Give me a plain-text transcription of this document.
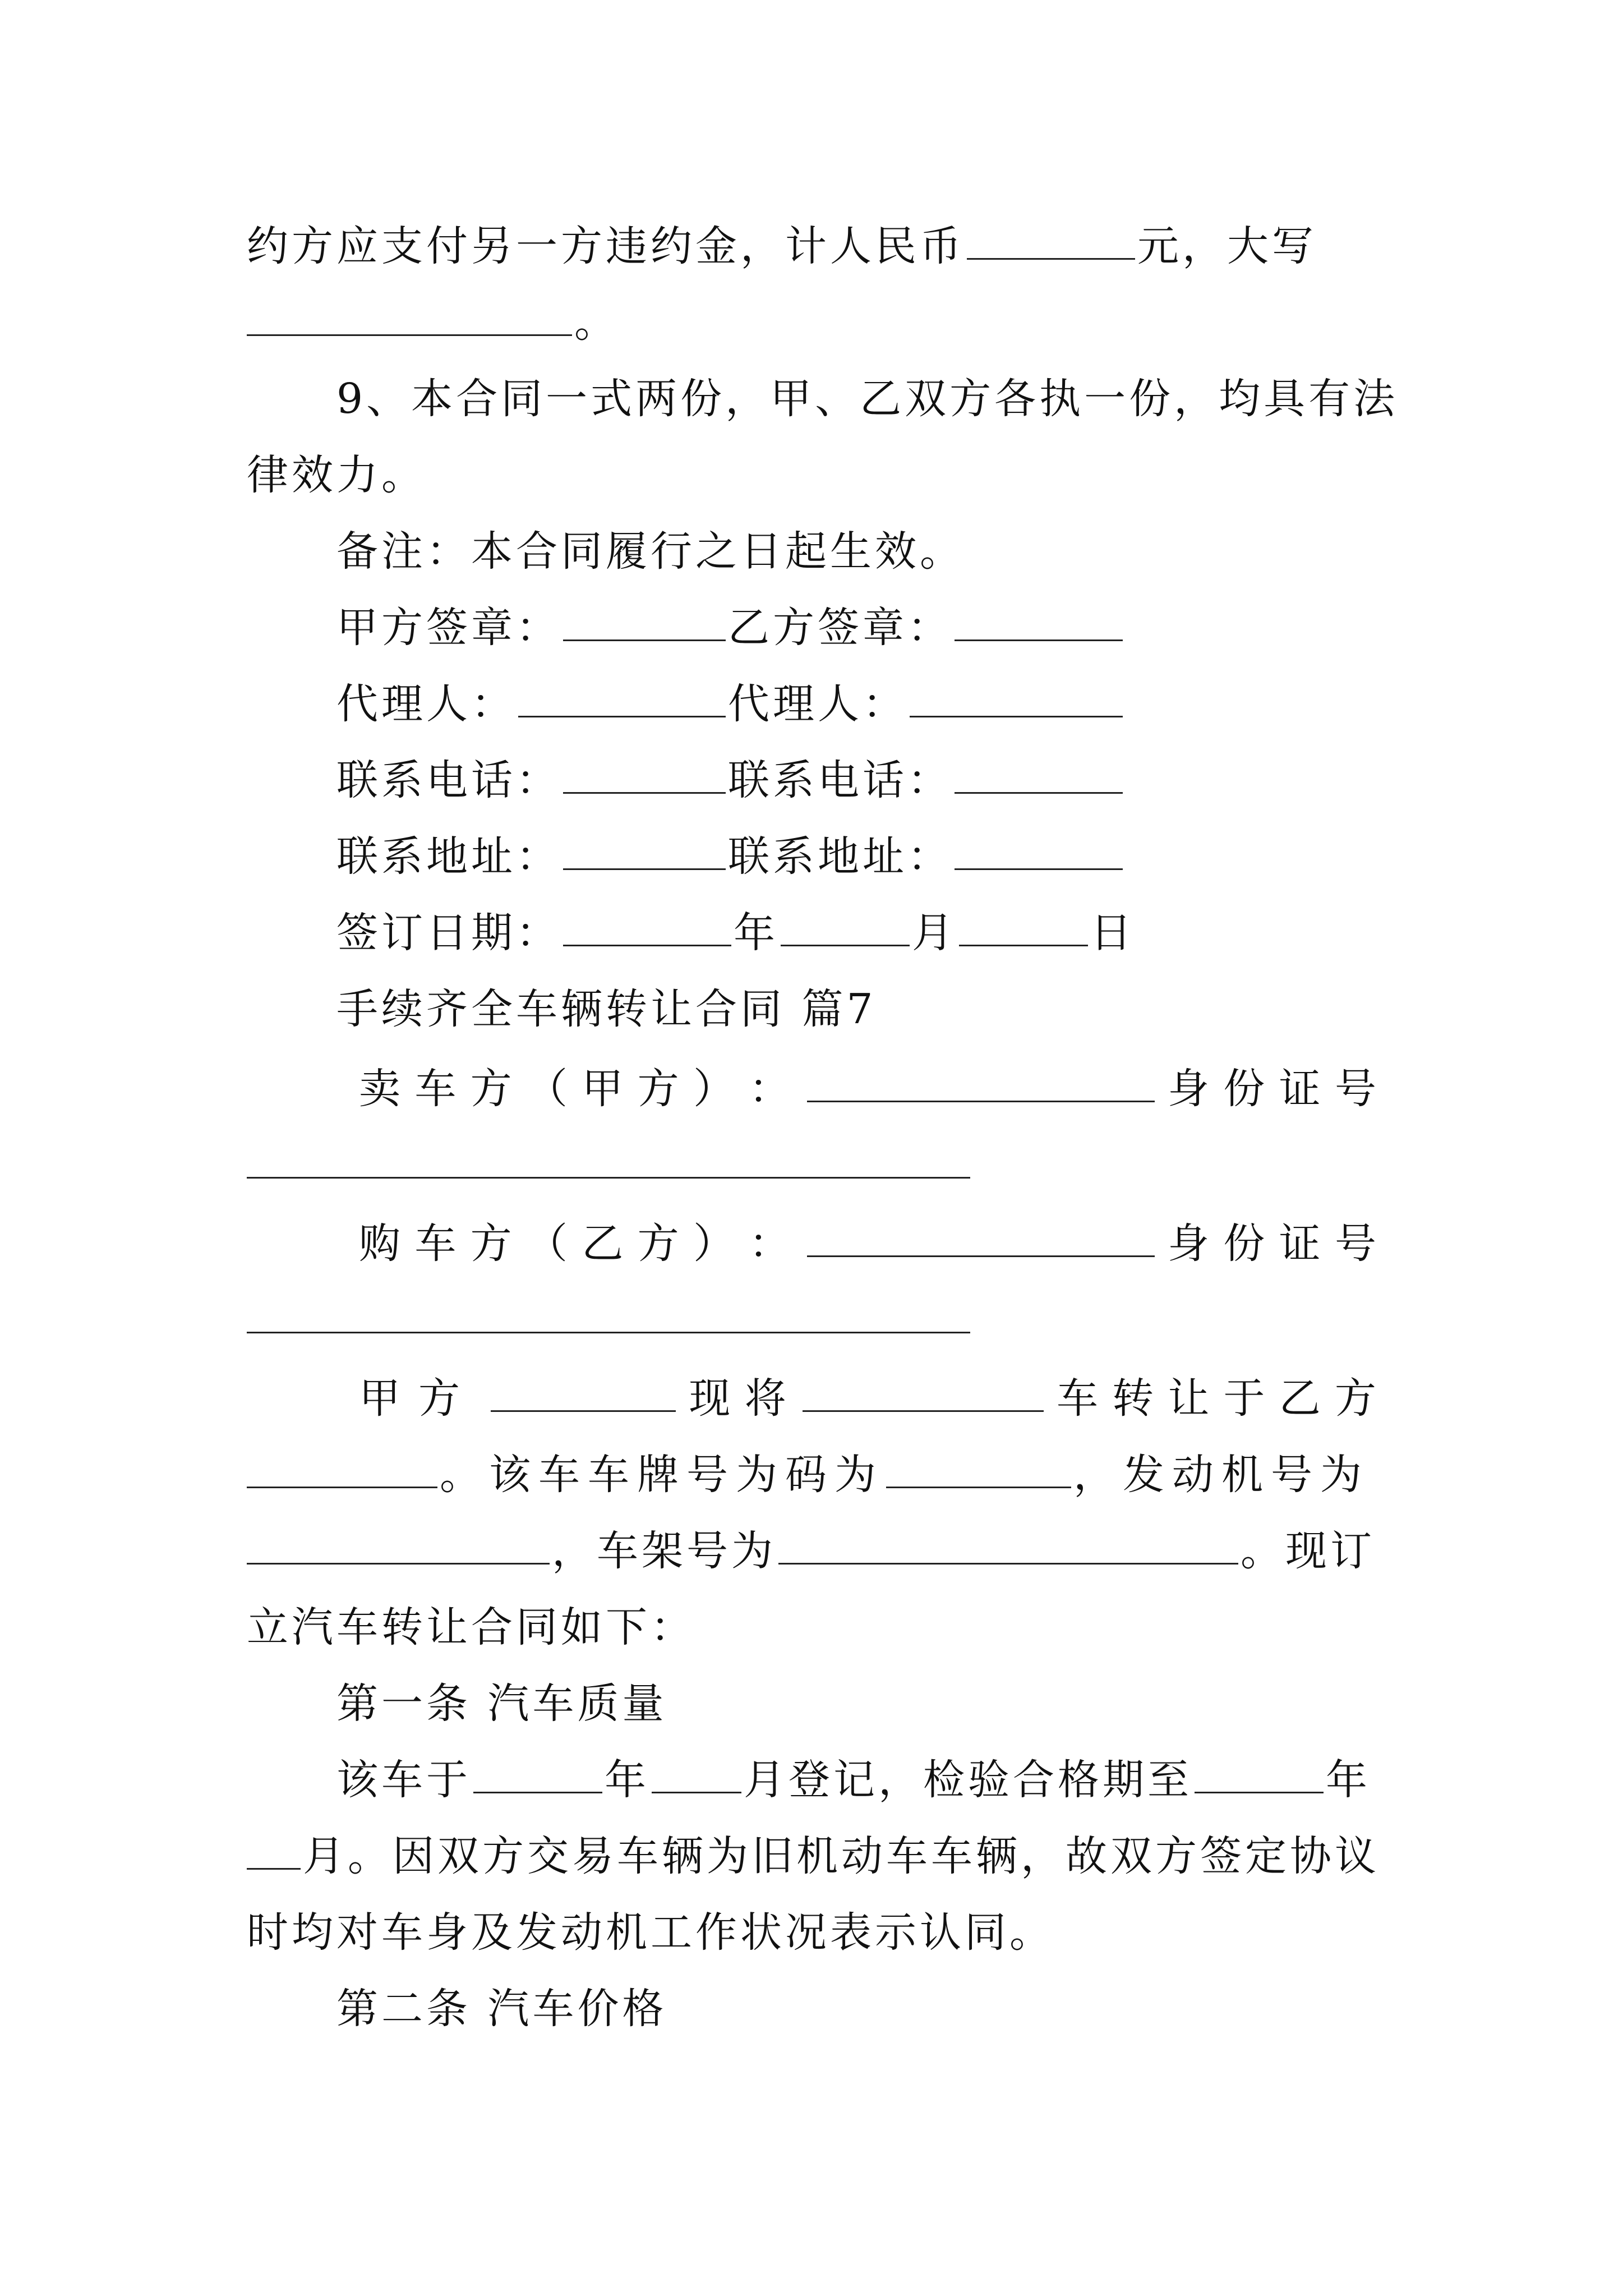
约方应支付另一方违约金，计人民币	元，大写
。
9、本合同一式两份，甲、乙双方各执一份，均具有法
律效力。
备注：本合同履行之日起生效。
甲方签章：	乙方签章：
代理人：	代理人：
联系电话：	联系电话：
联系地址：	联系地址：
签订日期：	年	月	日
手续齐全车辆转让合同 篇7
卖 车 方 （ 甲 方 ） ：	身 份 证 号
购 车 方 （ 乙 方 ） ：	身 份 证 号
甲方	现 将	车 转 让 于 乙 方
。该车车牌号为码为	，发动机号为
，车架号为	。现订
立汽车转让合同如下：
第一条 汽车质量
该车于	年 月登记，检验合格期至	年
月。因双方交易车辆为旧机动车车辆，故双方签定协议
时均对车身及发动机工作状况表示认同。
第二条 汽车价格
